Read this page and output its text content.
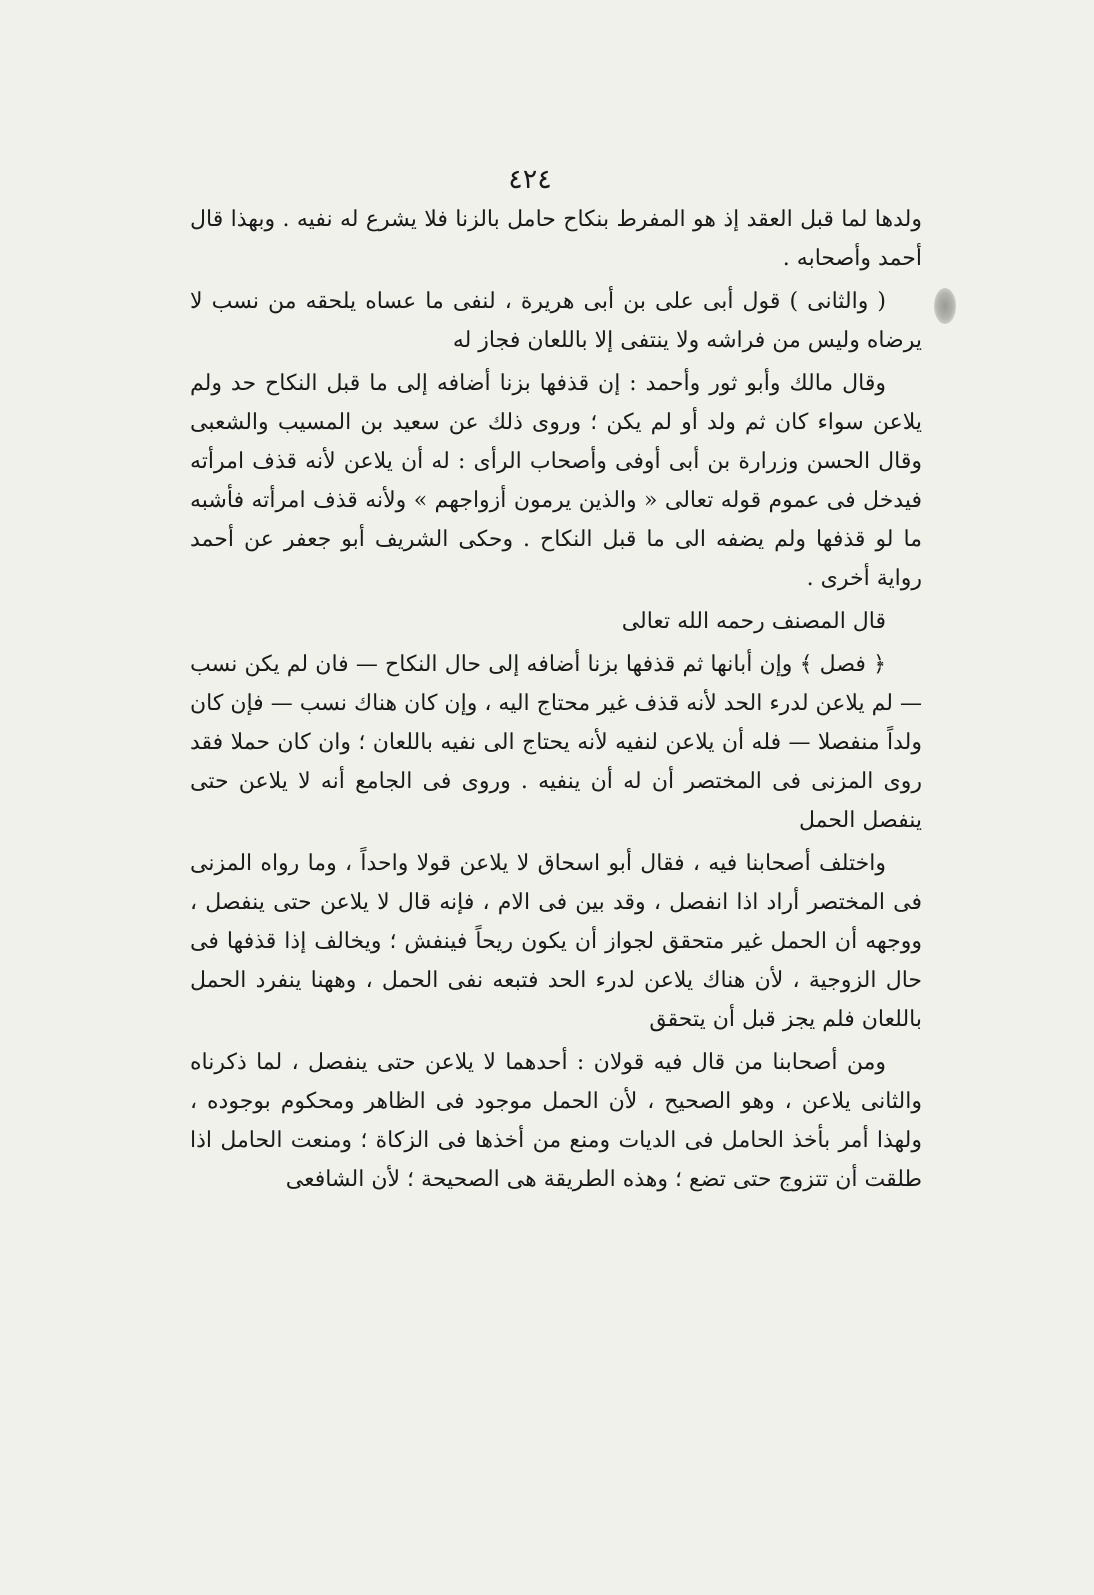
٤٢٤

ولدها لما قبل العقد إذ هو المفرط بنكاح حامل بالزنا فلا يشرع له نفيه . وبهذا قال أحمد وأصحابه .

( والثانى ) قول أبى على بن أبى هريرة ، لنفى ما عساه يلحقه من نسب لا يرضاه وليس من فراشه ولا ينتفى إلا باللعان فجاز له

وقال مالك وأبو ثور وأحمد : إن قذفها بزنا أضافه إلى ما قبل النكاح حد ولم يلاعن سواء كان ثم ولد أو لم يكن ؛ وروى ذلك عن سعيد بن المسيب والشعبى وقال الحسن وزرارة بن أبى أوفى وأصحاب الرأى : له أن يلاعن لأنه قذف امرأته فيدخل فى عموم قوله تعالى « والذين يرمون أزواجهم » ولأنه قذف امرأته فأشبه ما لو قذفها ولم يضفه الى ما قبل النكاح . وحكى الشريف أبو جعفر عن أحمد رواية أخرى .

قال المصنف رحمه الله تعالى

﴿ فصل ﴾ وإن أبانها ثم قذفها بزنا أضافه إلى حال النكاح — فان لم يكن نسب — لم يلاعن لدرء الحد لأنه قذف غير محتاج اليه ، وإن كان هناك نسب — فإن كان ولداً منفصلا — فله أن يلاعن لنفيه لأنه يحتاج الى نفيه باللعان ؛ وان كان حملا فقد روى المزنى فى المختصر أن له أن ينفيه . وروى فى الجامع أنه لا يلاعن حتى ينفصل الحمل

واختلف أصحابنا فيه ، فقال أبو اسحاق لا يلاعن قولا واحداً ، وما رواه المزنى فى المختصر أراد اذا انفصل ، وقد بين فى الام ، فإنه قال لا يلاعن حتى ينفصل ، ووجهه أن الحمل غير متحقق لجواز أن يكون ريحاً فينفش ؛ ويخالف إذا قذفها فى حال الزوجية ، لأن هناك يلاعن لدرء الحد فتبعه نفى الحمل ، وههنا ينفرد الحمل باللعان فلم يجز قبل أن يتحقق

ومن أصحابنا من قال فيه قولان : أحدهما لا يلاعن حتى ينفصل ، لما ذكرناه والثانى يلاعن ، وهو الصحيح ، لأن الحمل موجود فى الظاهر ومحكوم بوجوده ، ولهذا أمر بأخذ الحامل فى الديات ومنع من أخذها فى الزكاة ؛ ومنعت الحامل اذا طلقت أن تتزوج حتى تضع ؛ وهذه الطريقة هى الصحيحة ؛ لأن الشافعى
